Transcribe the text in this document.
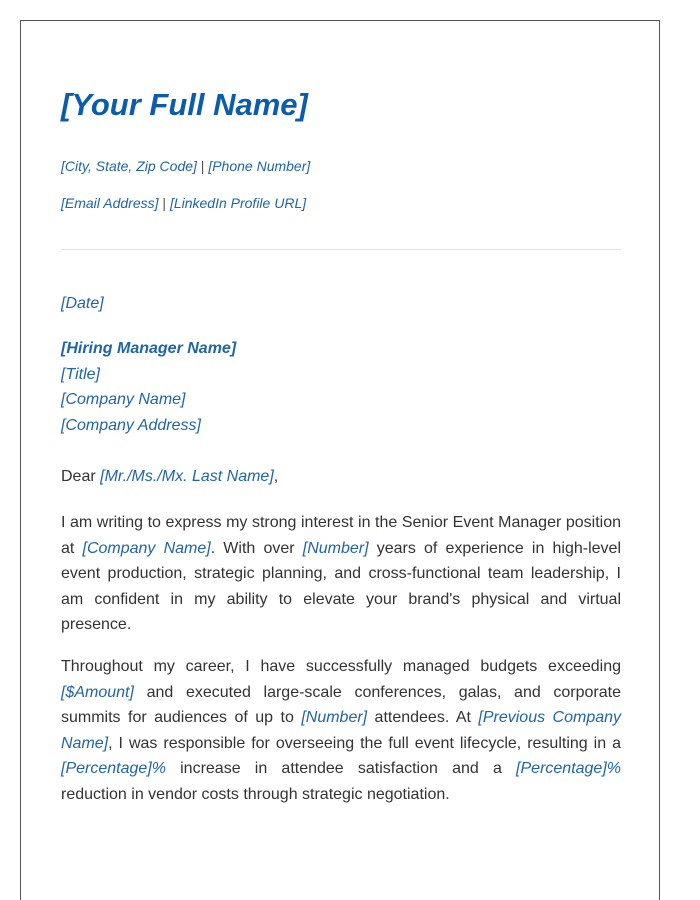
[Your Full Name]
[City, State, Zip Code] | [Phone Number]
[Email Address] | [LinkedIn Profile URL]
[Date]
[Hiring Manager Name]
[Title]
[Company Name]
[Company Address]
Dear [Mr./Ms./Mx. Last Name],

I am writing to express my strong interest in the Senior Event Manager position at [Company Name]. With over [Number] years of experience in high-level event production, strategic planning, and cross-functional team leadership, I am confident in my ability to elevate your brand's physical and virtual presence.

Throughout my career, I have successfully managed budgets exceeding [$Amount] and executed large-scale conferences, galas, and corporate summits for audiences of up to [Number] attendees. At [Previous Company Name], I was responsible for overseeing the full event lifecycle, resulting in a [Percentage]% increase in attendee satisfaction and a [Percentage]% reduction in vendor costs through strategic negotiation.
